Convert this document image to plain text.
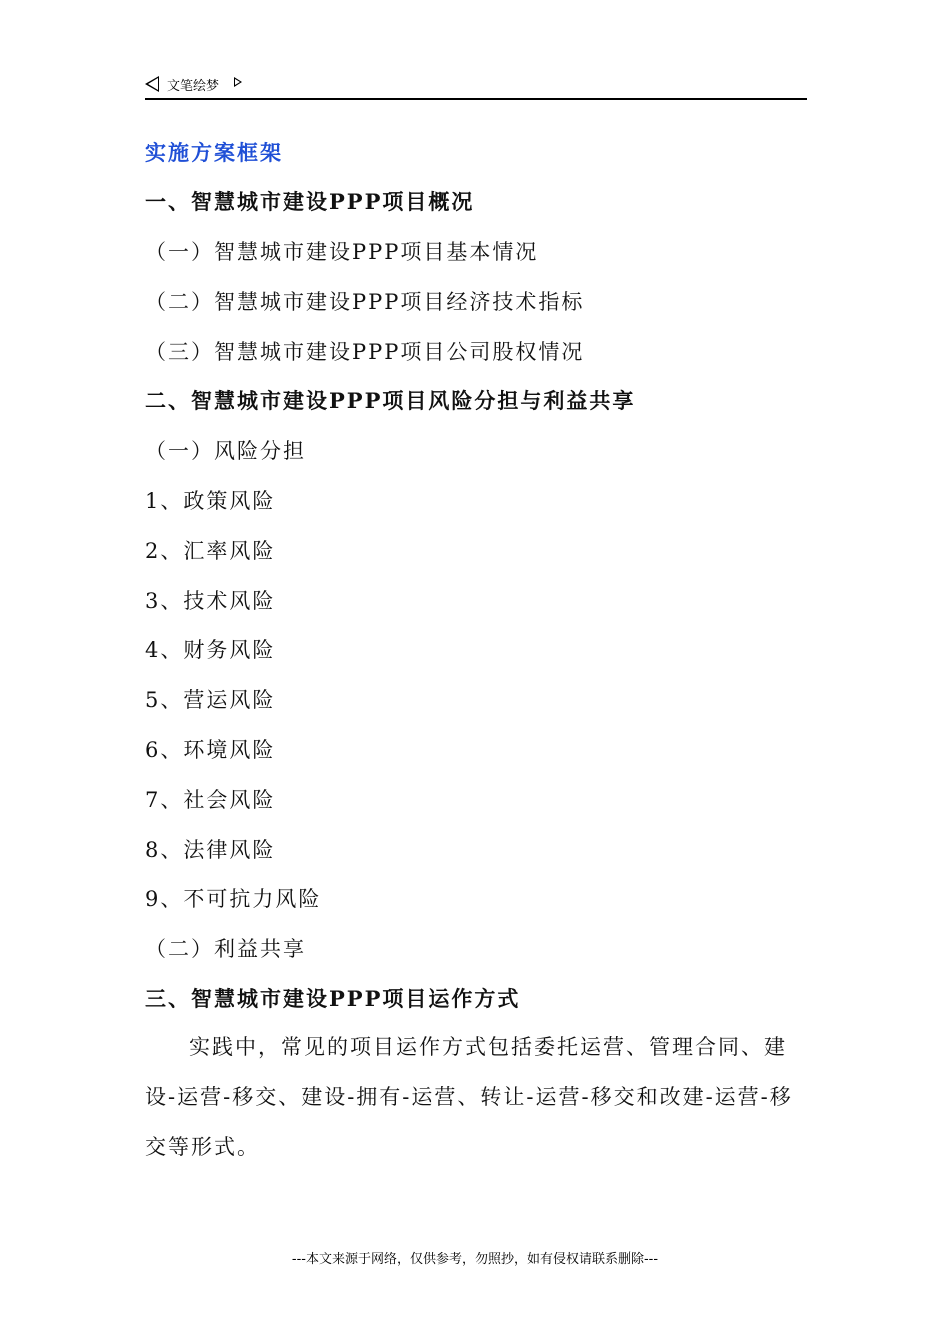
文笔绘梦
实施方案框架
一、智慧城市建设PPP项目概况
（一）智慧城市建设PPP项目基本情况
（二）智慧城市建设PPP项目经济技术指标
（三）智慧城市建设PPP项目公司股权情况
二、智慧城市建设PPP项目风险分担与利益共享
（一）风险分担
1、政策风险
2、汇率风险
3、技术风险
4、财务风险
5、营运风险
6、环境风险
7、社会风险
8、法律风险
9、不可抗力风险
（二）利益共享
三、智慧城市建设PPP项目运作方式

实践中，常见的项目运作方式包括委托运营、管理合同、建设-运营-移交、建设-拥有-运营、转让-运营-移交和改建-运营-移交等形式。

---本文来源于网络，仅供参考，勿照抄，如有侵权请联系删除---
